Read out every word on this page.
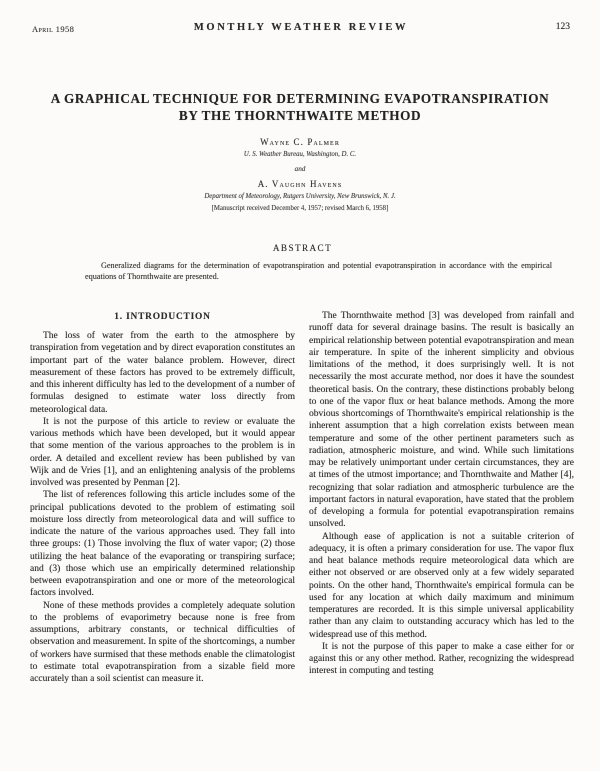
April 1958	MONTHLY WEATHER REVIEW	123
A GRAPHICAL TECHNIQUE FOR DETERMINING EVAPOTRANSPIRATION
BY THE THORNTHWAITE METHOD
Wayne C. Palmer
U. S. Weather Bureau, Washington, D. C.
and
A. Vaughn Havens
Department of Meteorology, Rutgers University, New Brunswick, N. J.
[Manuscript received December 4, 1957; revised March 6, 1958]
ABSTRACT

Generalized diagrams for the determination of evapotranspiration and potential evapotranspiration in accordance with the empirical equations of Thornthwaite are presented.

1. INTRODUCTION

The loss of water from the earth to the atmosphere by transpiration from vegetation and by direct evaporation constitutes an important part of the water balance problem. However, direct measurement of these factors has proved to be extremely difficult, and this inherent difficulty has led to the development of a number of formulas designed to estimate water loss directly from meteorological data.

It is not the purpose of this article to review or evaluate the various methods which have been developed, but it would appear that some mention of the various approaches to the problem is in order. A detailed and excellent review has been published by van Wijk and de Vries [1], and an enlightening analysis of the problems involved was presented by Penman [2].

The list of references following this article includes some of the principal publications devoted to the problem of estimating soil moisture loss directly from meteorological data and will suffice to indicate the nature of the various approaches used. They fall into three groups: (1) Those involving the flux of water vapor; (2) those utilizing the heat balance of the evaporating or transpiring surface; and (3) those which use an empirically determined relationship between evapotranspiration and one or more of the meteorological factors involved.

None of these methods provides a completely adequate solution to the problems of evaporimetry because none is free from assumptions, arbitrary constants, or technical difficulties of observation and measurement. In spite of the shortcomings, a number of workers have surmised that these methods enable the climatologist to estimate total evapotranspiration from a sizable field more accurately than a soil scientist can measure it.

The Thornthwaite method [3] was developed from rainfall and runoff data for several drainage basins. The result is basically an empirical relationship between potential evapotranspiration and mean air temperature. In spite of the inherent simplicity and obvious limitations of the method, it does surprisingly well. It is not necessarily the most accurate method, nor does it have the soundest theoretical basis. On the contrary, these distinctions probably belong to one of the vapor flux or heat balance methods. Among the more obvious shortcomings of Thornthwaite's empirical relationship is the inherent assumption that a high correlation exists between mean temperature and some of the other pertinent parameters such as radiation, atmospheric moisture, and wind. While such limitations may be relatively unimportant under certain circumstances, they are at times of the utmost importance; and Thornthwaite and Mather [4], recognizing that solar radiation and atmospheric turbulence are the important factors in natural evaporation, have stated that the problem of developing a formula for potential evapotranspiration remains unsolved.

Although ease of application is not a suitable criterion of adequacy, it is often a primary consideration for use. The vapor flux and heat balance methods require meteorological data which are either not observed or are observed only at a few widely separated points. On the other hand, Thornthwaite's empirical formula can be used for any location at which daily maximum and minimum temperatures are recorded. It is this simple universal applicability rather than any claim to outstanding accuracy which has led to the widespread use of this method.

It is not the purpose of this paper to make a case either for or against this or any other method. Rather, recognizing the widespread interest in computing and testing
